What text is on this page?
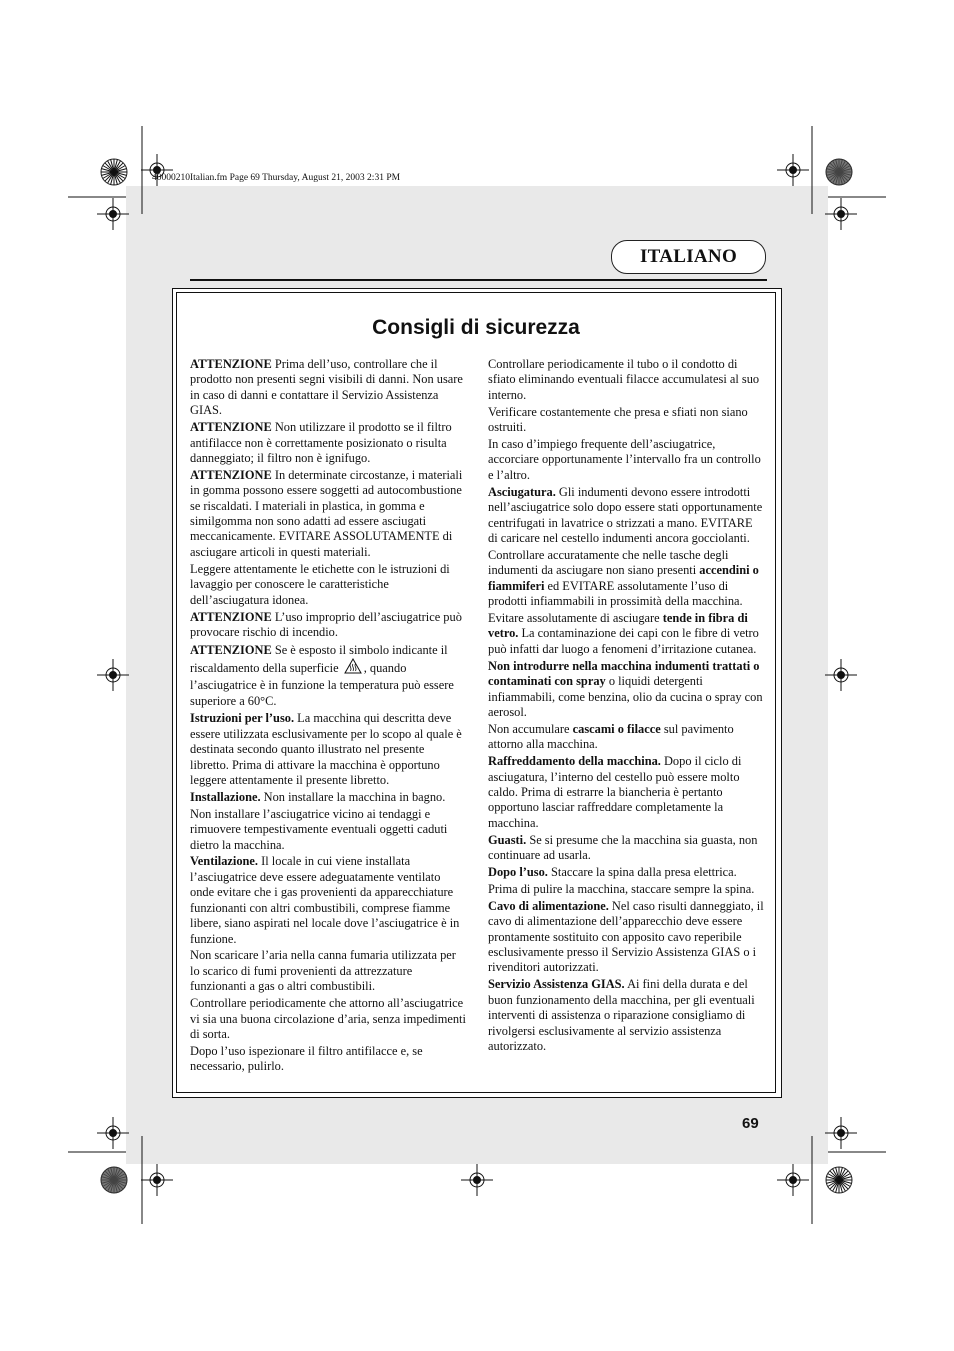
40000210Italian.fm Page 69 Thursday, August 21, 2003 2:31 PM
ITALIANO
Consigli di sicurezza

ATTENZIONE Prima dell’uso, controllare che il prodotto non presenti segni visibili di danni. Non usare in caso di danni e contattare il Servizio Assistenza GIAS.

ATTENZIONE Non utilizzare il prodotto se il filtro antifilacce non è correttamente posizionato o risulta danneggiato; il filtro non è ignifugo.

ATTENZIONE In determinate circostanze, i materiali in gomma possono essere soggetti ad autocombustione se riscaldati. I materiali in plastica, in gomma e similgomma non sono adatti ad essere asciugati meccanicamente. EVITARE ASSOLUTAMENTE di asciugare articoli in questi materiali.

Leggere attentamente le etichette con le istruzioni di lavaggio per conoscere le caratteristiche dell’asciugatura idonea.

ATTENZIONE L’uso improprio dell’asciugatrice può provocare rischio di incendio.

ATTENZIONE Se è esposto il simbolo indicante il riscaldamento della superficie , quando l’asciugatrice è in funzione la temperatura può essere superiore a 60°C.

Istruzioni per l’uso. La macchina qui descritta deve essere utilizzata esclusivamente per lo scopo al quale è destinata secondo quanto illustrato nel presente libretto. Prima di attivare la macchina è opportuno leggere attentamente il presente libretto.

Installazione. Non installare la macchina in bagno.

Non installare l’asciugatrice vicino ai tendaggi e rimuovere tempestivamente eventuali oggetti caduti dietro la macchina.

Ventilazione. Il locale in cui viene installata l’asciugatrice deve essere adeguatamente ventilato onde evitare che i gas provenienti da apparecchiature funzionanti con altri combustibili, comprese fiamme libere, siano aspirati nel locale dove l’asciugatrice è in funzione.

Non scaricare l’aria nella canna fumaria utilizzata per lo scarico di fumi provenienti da attrezzature funzionanti a gas o altri combustibili.

Controllare periodicamente che attorno all’asciugatrice vi sia una buona circolazione d’aria, senza impedimenti di sorta.

Dopo l’uso ispezionare il filtro antifilacce e, se necessario, pulirlo.

Controllare periodicamente il tubo o il condotto di sfiato eliminando eventuali filacce accumulatesi al suo interno.

Verificare costantemente che presa e sfiati non siano ostruiti.

In caso d’impiego frequente dell’asciugatrice, accorciare opportunamente l’intervallo fra un controllo e l’altro.

Asciugatura. Gli indumenti devono essere introdotti nell’asciugatrice solo dopo essere stati opportunamente centrifugati in lavatrice o strizzati a mano. EVITARE di caricare nel cestello indumenti ancora gocciolanti.

Controllare accuratamente che nelle tasche degli indumenti da asciugare non siano presenti accendini o fiammiferi ed EVITARE assolutamente l’uso di prodotti infiammabili in prossimità della macchina.

Evitare assolutamente di asciugare tende in fibra di vetro. La contaminazione dei capi con le fibre di vetro può infatti dar luogo a fenomeni d’irritazione cutanea.

Non introdurre nella macchina indumenti trattati o contaminati con spray o liquidi detergenti infiammabili, come benzina, olio da cucina o spray con aerosol.

Non accumulare cascami o filacce sul pavimento attorno alla macchina.

Raffreddamento della macchina. Dopo il ciclo di asciugatura, l’interno del cestello può essere molto caldo. Prima di estrarre la biancheria è pertanto opportuno lasciar raffreddare completamente la macchina.

Guasti. Se si presume che la macchina sia guasta, non continuare ad usarla.

Dopo l’uso. Staccare la spina dalla presa elettrica.

Prima di pulire la macchina, staccare sempre la spina.

Cavo di alimentazione. Nel caso risulti danneggiato, il cavo di alimentazione dell’apparecchio deve essere prontamente sostituito con apposito cavo reperibile esclusivamente presso il Servizio Assistenza GIAS o i rivenditori autorizzati.

Servizio Assistenza GIAS. Ai fini della durata e del buon funzionamento della macchina, per gli eventuali interventi di assistenza o riparazione consigliamo di rivolgersi esclusivamente al servizio assistenza autorizzato.

69
